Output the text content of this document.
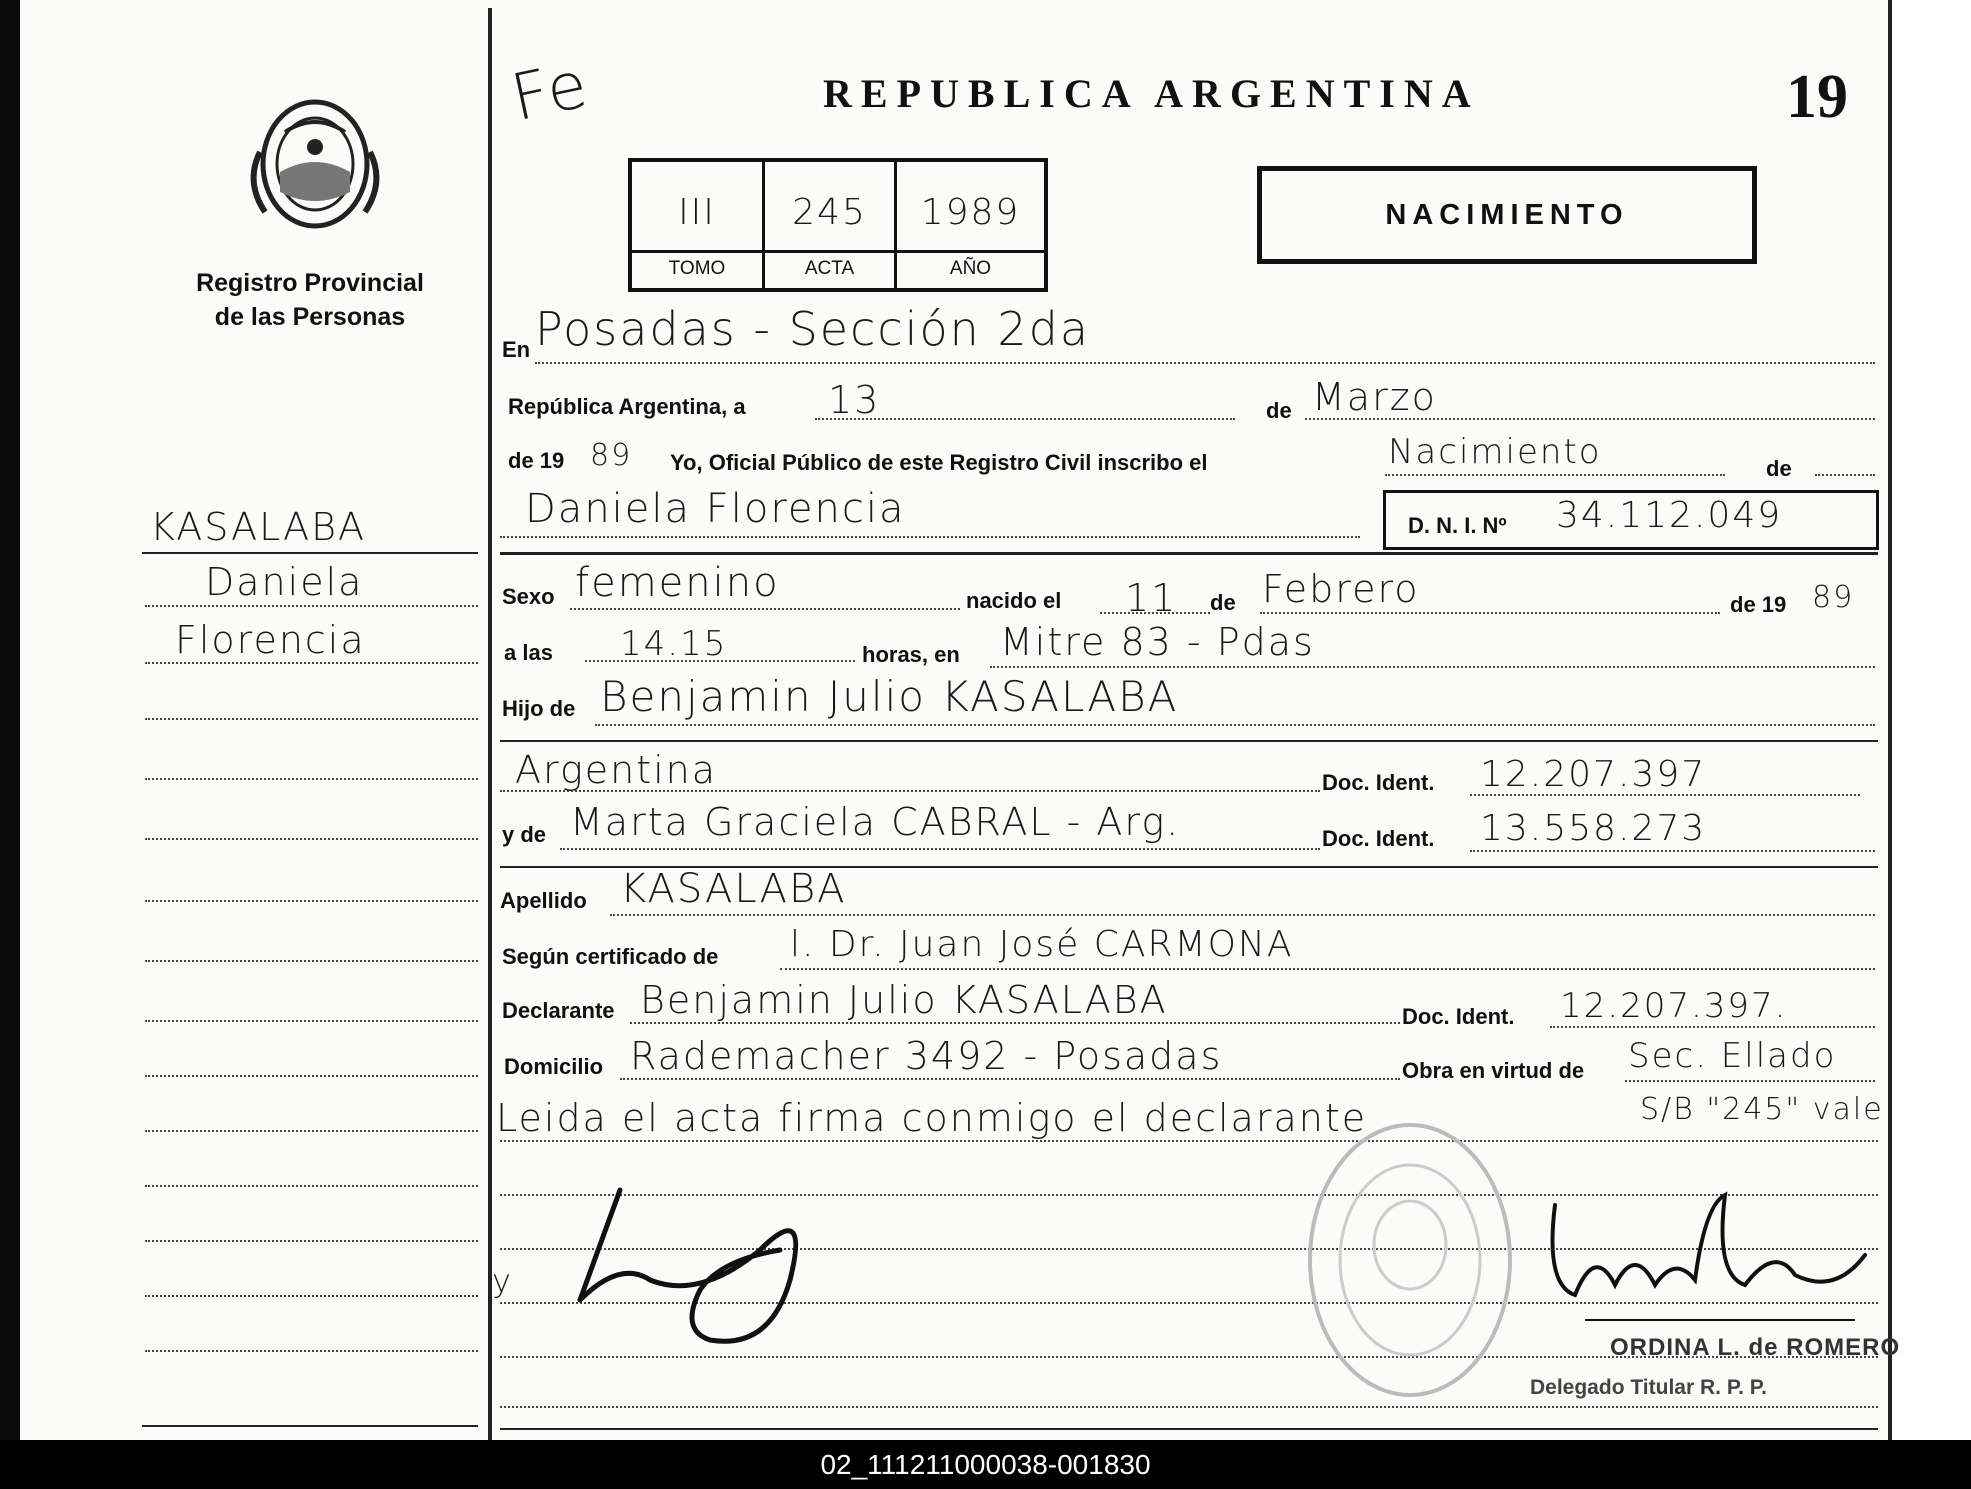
Registro Provincial
de las Personas
KASALABA
Daniela
Florencia
Fe	REPUBLICA ARGENTINA	19
III	245	1989
TOMO	ACTA	AÑO
NACIMIENTO
En Posadas - Sección 2da
República Argentina, a 13	de Marzo
de 19 89 Yo, Oficial Público de este Registro Civil inscribo el	Nacimiento	de
Daniela Florencia	D. N. I. Nº 34.112.049
Sexo femenino	nacido el 11 de Febrero	de 19 89
a las 14.15	horas, en Mitre 83 - Pdas
Hijo de Benjamin Julio KASALABA
Argentina	Doc. Ident. 12.207.397
y de Marta Graciela CABRAL - Arg.	Doc. Ident. 13.558.273
Apellido KASALABA
Según certificado de l. Dr. Juan José CARMONA
Declarante Benjamin Julio KASALABA	Doc. Ident. 12.207.397.
Domicilio Rademacher 3492 - Posadas	Obra en virtud de Sec. Ellado
Leida el acta firma conmigo el declarante	S/B "245" vale
y
ORDINA L. de ROMERO
Delegado Titular R. P. P.
02_111211000038-001830
